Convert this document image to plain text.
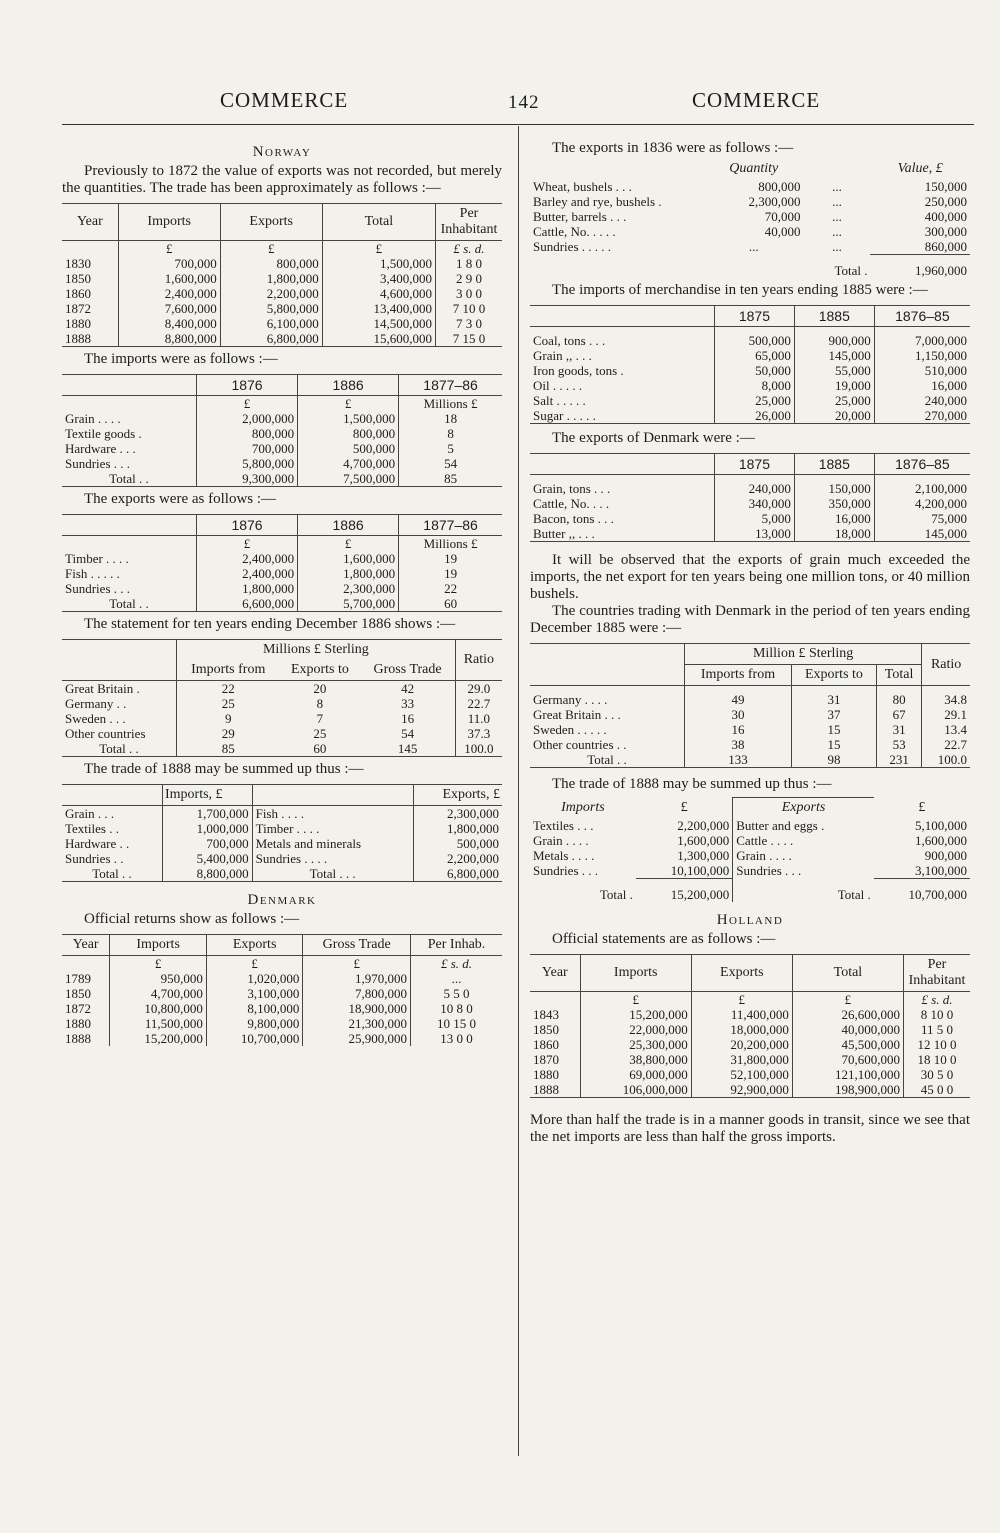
COMMERCE	142	COMMERCE
Norway

Previously to 1872 the value of exports was not recorded, but merely the quantities. The trade has been approximately as follows :—

Year	Imports	Exports	Total	Per Inhabitant
	£	£	£	£ s. d.
1830	700,000	800,000	1,500,000	1 8 0
1850	1,600,000	1,800,000	3,400,000	2 9 0
1860	2,400,000	2,200,000	4,600,000	3 0 0
1872	7,600,000	5,800,000	13,400,000	7 10 0
1880	8,400,000	6,100,000	14,500,000	7 3 0
1888	8,800,000	6,800,000	15,600,000	7 15 0

The imports were as follows :—

	1876	1886	1877–86
	£	£	Millions £
Grain . . . .	2,000,000	1,500,000	18
Textile goods .	800,000	800,000	8
Hardware . . .	700,000	500,000	5
Sundries . . .	5,800,000	4,700,000	54
Total . .	9,300,000	7,500,000	85

The exports were as follows :—

	1876	1886	1877–86
	£	£	Millions £
Timber . . . .	2,400,000	1,600,000	19
Fish . . . . .	2,400,000	1,800,000	19
Sundries . . .	1,800,000	2,300,000	22
Total . .	6,600,000	5,700,000	60

The statement for ten years ending December 1886 shows :—

	Millions £ Sterling			Ratio
	Imports from	Exports to	Gross Trade	
Great Britain .	22	20	42	29.0
Germany . .	25	8	33	22.7
Sweden . . .	9	7	16	11.0
Other countries	29	25	54	37.3
Total . .	85	60	145	100.0

The trade of 1888 may be summed up thus :—

	Imports, £		Exports, £
Grain . . .	1,700,000	Fish . . . .	2,300,000
Textiles . .	1,000,000	Timber . . . .	1,800,000
Hardware . .	700,000	Metals and minerals	500,000
Sundries . .	5,400,000	Sundries . . . .	2,200,000
Total . .	8,800,000	Total . . .	6,800,000
Denmark

Official returns show as follows :—

Year	Imports	Exports	Gross Trade	Per Inhab.
	£	£	£	£ s. d.
1789	950,000	1,020,000	1,970,000	...
1850	4,700,000	3,100,000	7,800,000	5 5 0
1872	10,800,000	8,100,000	18,900,000	10 8 0
1880	11,500,000	9,800,000	21,300,000	10 15 0
1888	15,200,000	10,700,000	25,900,000	13 0 0

The exports in 1836 were as follows :—

	Quantity		Value, £
Wheat, bushels . . .	800,000	...	150,000
Barley and rye, bushels .	2,300,000	...	250,000
Butter, barrels . . .	70,000	...	400,000
Cattle, No. . . . .	40,000	...	300,000
Sundries . . . . .	...	...	860,000
		Total .	1,960,000

The imports of merchandise in ten years ending 1885 were :—

	1875	1885	1876–85

Coal, tons . . .	500,000	900,000	7,000,000
Grain ,, . . .	65,000	145,000	1,150,000
Iron goods, tons .	50,000	55,000	510,000
Oil . . . . .	8,000	19,000	16,000
Salt . . . . .	25,000	25,000	240,000
Sugar . . . . .	26,000	20,000	270,000

The exports of Denmark were :—

	1875	1885	1876–85

Grain, tons . . .	240,000	150,000	2,100,000
Cattle, No. . . .	340,000	350,000	4,200,000
Bacon, tons . . .	5,000	16,000	75,000
Butter ,, . . .	13,000	18,000	145,000

It will be observed that the exports of grain much exceeded the imports, the net export for ten years being one million tons, or 40 million bushels.

The countries trading with Denmark in the period of ten years ending December 1885 were :—

	Million £ Sterling			Ratio
	Imports from	Exports to	Total	

Germany . . . .	49	31	80	34.8
Great Britain . . .	30	37	67	29.1
Sweden . . . . .	16	15	31	13.4
Other countries . .	38	15	53	22.7
Total . .	133	98	231	100.0

The trade of 1888 may be summed up thus :—

Imports	£	Exports	£
Textiles . . .	2,200,000	Butter and eggs .	5,100,000
Grain . . . .	1,600,000	Cattle . . . .	1,600,000
Metals . . . .	1,300,000	Grain . . . .	900,000
Sundries . . .	10,100,000	Sundries . . .	3,100,000
Total .	15,200,000	Total .	10,700,000
Holland

Official statements are as follows :—

Year	Imports	Exports	Total	Per Inhabitant
	£	£	£	£ s. d.
1843	15,200,000	11,400,000	26,600,000	8 10 0
1850	22,000,000	18,000,000	40,000,000	11 5 0
1860	25,300,000	20,200,000	45,500,000	12 10 0
1870	38,800,000	31,800,000	70,600,000	18 10 0
1880	69,000,000	52,100,000	121,100,000	30 5 0
1888	106,000,000	92,900,000	198,900,000	45 0 0

More than half the trade is in a manner goods in transit, since we see that the net imports are less than half the gross imports.
